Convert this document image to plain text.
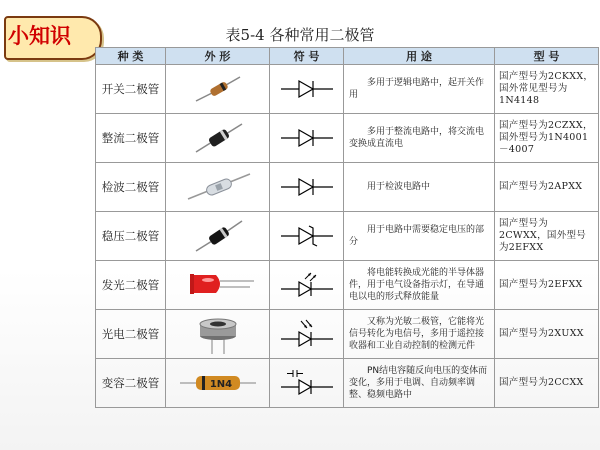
小知识	表5-4 各种常用二极管
种 类	外 形	符 号	用 途	型 号
开关二极管			多用于逻辑电路中，起开关作用	国产型号为2CKXX，国外常见型号为1N4148
整流二极管			多用于整流电路中，将交流电变换成直流电	国产型号为2CZXX，国外型号为1N4001－4007
检波二极管			用于检波电路中	国产型号为2APXX
稳压二极管			用于电路中需要稳定电压的部分	国产型号为2CWXX，国外型号为2EFXX
发光二极管			将电能转换成光能的半导体器件，用于电气设备指示灯，在导通电以电的形式释放能量	国产型号为2EFXX
光电二极管			又称为光敏二极管，它能将光信号转化为电信号，多用于遥控接收器和工业自动控制的检测元件	国产型号为2XUXX
变容二极管	1N4		PN结电容随反向电压的变体而变化，多用于电调、自动频率调整、稳频电路中	国产型号为2CCXX
